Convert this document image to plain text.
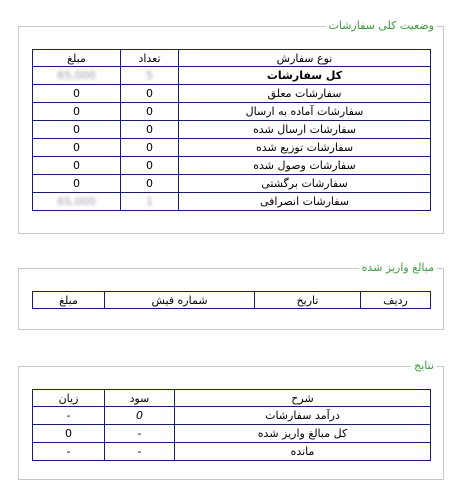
وضعیت کلی سفارشات
نوع سفارش	تعداد	مبلغ
کل سفارشات	5	65,000
سفارشات معلق	0	0
سفارشات آماده به ارسال	0	0
سفارشات ارسال شده	0	0
سفارشات توزیع شده	0	0
سفارشات وصول شده	0	0
سفارشات برگشتی	0	0
سفارشات انصرافی	1	65,000
مبالغ واریز شده
ردیف	تاریخ	شماره فیش	مبلغ
نتایج
شرح	سود	زیان
درآمد سفارشات	0	-
کل مبالغ واریز شده	-	0
مانده	-	-
